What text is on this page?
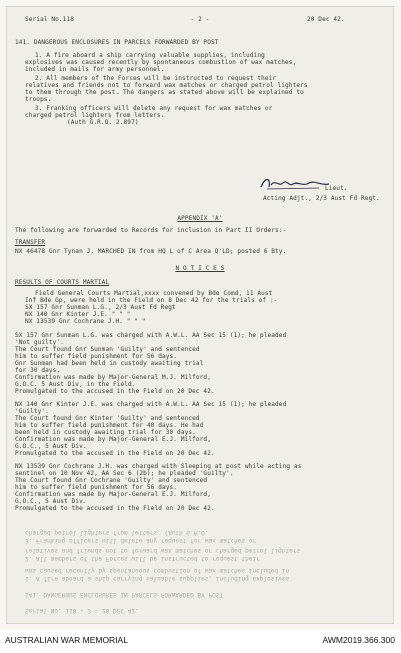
Serial No.118	- 2 -	20 Dec 42.
141. DANGEROUS ENCLOSURES IN PARCELS FORWARDED BY POST
1. A fire aboard a ship carrying valuable supplies, including
explosives was caused recently by spontaneous combustion of wax matches,
included in mails for army personnel.
2. All members of the Forces will be instructed to request their
relatives and friends not to forward wax matches or charged petrol lighters
to them through the post. The dangers as stated above will be explained to
troops.
3. Franking officers will delete any request for wax matches or
charged petrol lighters from letters.
(Auth G.R.O. 2.897)
Lieut.
Acting Adjt., 2/3 Aust Fd Regt.
APPENDIX 'A'
The following are forwarded to Records for inclusion in Part II Orders:-
TRANSFER
NX 46478 Gnr Tynan J. MARCHED IN from HQ L of C Area Q'LD; posted 6 Bty.
N O T I C E S
RESULTS OF COURTS MARTIAL
Field General Courts Martial,xxxx convened by Bde Comd, 11 Aust
Inf Bde Gp, were held in the Field on 8 Dec 42 for the trials of :-
SX 157 Gnr Sunman L.G., 2/3 Aust Fd Regt
NX 140 Gnr Kinter J.E. " " "
NX 13539 Gnr Cochrane J.H. " " "
SX 157 Gnr Sunman L.G. was charged with A.W.L. AA Sec 15 (1); he pleaded
'Not guilty'.
The Court found Gnr Sunman 'Guilty' and sentenced
him to suffer field punishment for 56 days.
Gnr Sunman had been held in custody awaiting trial
for 30 days.
Confirmation was made by Major-General M.J. Milford,
G.O.C. 5 Aust Div, in the Field.
Promulgated to the accused in the Field on 20 Dec 42.
NX 140 Gnr Kinter J.E. was charged with A.W.L. AA Sec 15 (1); he pleaded
'Guilty'.
The Court found Gnr Kinter 'Guilty' and sentenced
him to suffer field punishment for 40 days. He had
been held in custody awaiting trial for 30 days.
Confirmation was made by Major-General E.J. Milford,
G.O.C., 5 Aust Div.
Promulgated to the accused in the Field on 20 Dec 42.
NX 13539 Gnr Cochrane J.H. was charged with Sleeping at post while acting as
sentinel on 10 Nov 42, AA Sec 6 (2b); he pleaded 'Guilty'.
The Court found Gnr Cochrane 'Guilty' and sentenced
him to suffer field punishment for 56 days.
Confirmation was made by Major-General E.J. Milford,
G.O.C., 5 Aust Div.
Promulgated to the accused in the Field on 20 Dec 42.
charged petrol lighters from letters. (Auth G.R.O.
3. Franking officers will delete any request for wax matches or
relatives and friends not to forward wax matches or charged petrol lighters
2. All members of the Forces will be instructed to request their
was caused recently by spontaneous combustion of wax matches included in
1. A fire aboard a ship carrying valuable supplies, including explosives
141. DANGEROUS ENCLOSURES IN PARCELS FORWARDED BY POST
Serial No. 118 - 3 - 20 DEC 42.
AUSTRALIAN WAR MEMORIAL	AWM2019.366.300
